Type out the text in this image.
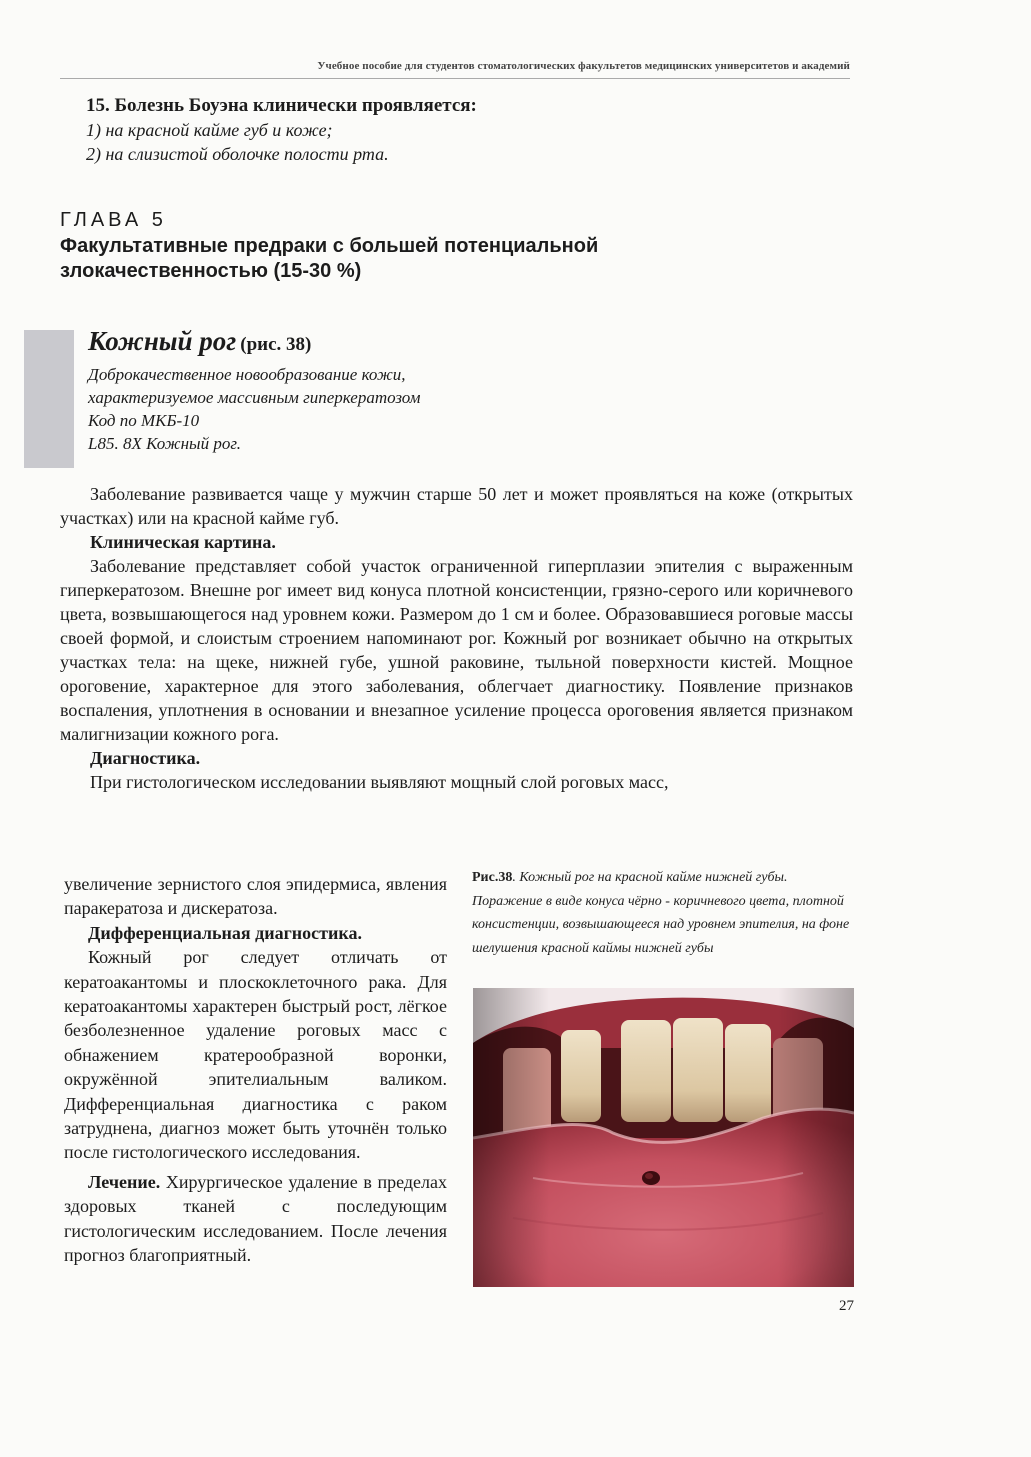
Учебное пособие для студентов стоматологических факультетов медицинских университетов и академий
15. Болезнь Боуэна клинически проявляется:
1) на красной кайме губ и коже;
2) на слизистой оболочке полости рта.
ГЛАВА 5
Факультативные предраки с большей потенциальной
злокачественностью (15-30 %)
Кожный рог (рис. 38)
Доброкачественное новообразование кожи,
характеризуемое массивным гиперкератозом
Код по МКБ-10
L85. 8X Кожный рог.

Заболевание развивается чаще у мужчин старше 50 лет и может проявляться на коже (открытых участках) или на красной кайме губ.

Клиническая картина.

Заболевание представляет собой участок ограниченной гиперплазии эпителия с выраженным гиперкератозом. Внешне рог имеет вид конуса плотной консистенции, грязно-серого или коричневого цвета, возвышающегося над уровнем кожи. Размером до 1 см и более. Образовавшиеся роговые массы своей формой, и слоистым строением напоминают рог. Кожный рог возникает обычно на открытых участках тела: на щеке, нижней губе, ушной раковине, тыльной поверхности кистей. Мощное ороговение, характерное для этого заболевания, облегчает диагностику. Появление признаков воспаления, уплотнения в основании и внезапное усиление процесса ороговения является признаком малигнизации кожного рога.

Диагностика.

При гистологическом исследовании выявляют мощный слой роговых масс,

увеличение зернистого слоя эпидермиса, явления паракератоза и дискератоза.

Дифференциальная диагностика.

Кожный рог следует отличать от кератоакантомы и плоскоклеточного рака. Для кератоакантомы характерен быстрый рост, лёгкое безболезненное удаление роговых масс с обнажением кратерообразной воронки, окружённой эпителиальным валиком. Дифференциальная диагностика с раком затруднена, диагноз может быть уточнён только после гистологического исследования.

Лечение. Хирургическое удаление в пределах здоровых тканей с последующим гистологическим исследованием. После лечения прогноз благоприятный.

Рис.38. Кожный рог на красной кайме нижней губы. Поражение в виде конуса чёрно - коричневого цвета, плотной консистенции, возвышающееся над уровнем эпителия, на фоне шелушения красной каймы нижней губы
27
